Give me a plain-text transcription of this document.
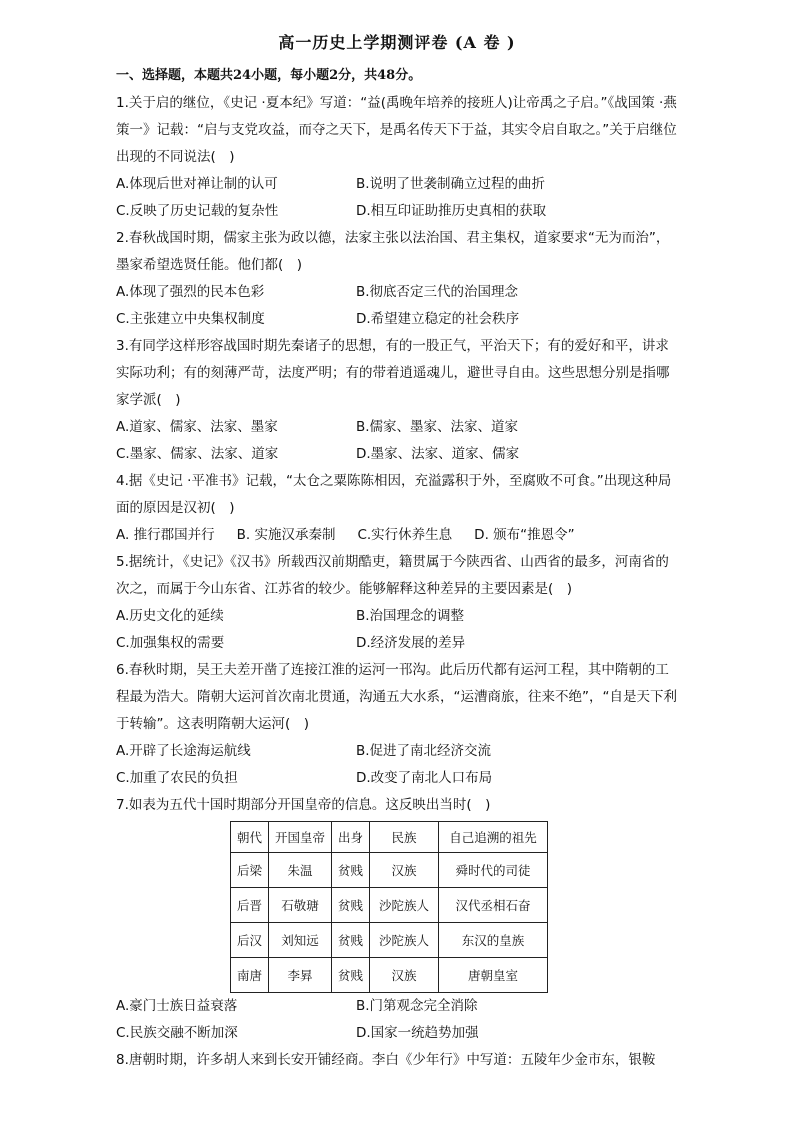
高一历史上学期测评卷 (A 卷 )
一、选择题，本题共24小题，每小题2分，共48分。

1.关于启的继位，《史记 ·夏本纪》写道：“益(禹晚年培养的接班人)让帝禹之子启。”《战国策 ·燕策一》记载：“启与支党攻益，而夺之天下，是禹名传天下于益，其实令启自取之。”关于启继位出现的不同说法(　)

A.体现后世对禅让制的认可	B.说明了世袭制确立过程的曲折
C.反映了历史记载的复杂性	D.相互印证助推历史真相的获取

2.春秋战国时期，儒家主张为政以德，法家主张以法治国、君主集权，道家要求“无为而治”，墨家希望选贤任能。他们都(　)

A.体现了强烈的民本色彩	B.彻底否定三代的治国理念
C.主张建立中央集权制度	D.希望建立稳定的社会秩序

3.有同学这样形容战国时期先秦诸子的思想，有的一股正气，平治天下；有的爱好和平，讲求实际功利；有的刻薄严苛，法度严明；有的带着逍遥魂儿，避世寻自由。这些思想分别是指哪家学派(　)

A.道家、儒家、法家、墨家	B.儒家、墨家、法家、道家
C.墨家、儒家、法家、道家	D.墨家、法家、道家、儒家

4.据《史记 ·平准书》记载，“太仓之粟陈陈相因，充溢露积于外，至腐败不可食。”出现这种局面的原因是汉初(　)

A. 推行郡国并行 B. 实施汉承秦制 C.实行休养生息 D. 颁布“推恩令”

5.据统计，《史记》《汉书》所载西汉前期酷吏，籍贯属于今陕西省、山西省的最多，河南省的次之，而属于今山东省、江苏省的较少。能够解释这种差异的主要因素是(　)

A.历史文化的延续	B.治国理念的调整
C.加强集权的需要	D.经济发展的差异

6.春秋时期，吴王夫差开凿了连接江淮的运河一邗沟。此后历代都有运河工程，其中隋朝的工程最为浩大。隋朝大运河首次南北贯通，沟通五大水系，“运漕商旅，往来不绝”，“自是天下利于转输”。这表明隋朝大运河(　)

A.开辟了长途海运航线	B.促进了南北经济交流
C.加重了农民的负担	D.改变了南北人口布局

7.如表为五代十国时期部分开国皇帝的信息。这反映出当时(　)

朝代	开国皇帝	出身	民族	自己追溯的祖先
后梁	朱温	贫贱	汉族	舜时代的司徒
后晋	石敬瑭	贫贱	沙陀族人	汉代丞相石奋
后汉	刘知远	贫贱	沙陀族人	东汉的皇族
南唐	李昪	贫贱	汉族	唐朝皇室
A.豪门士族日益衰落	B.门第观念完全消除
C.民族交融不断加深	D.国家一统趋势加强

8.唐朝时期，许多胡人来到长安开铺经商。李白《少年行》中写道：五陵年少金市东，银鞍
